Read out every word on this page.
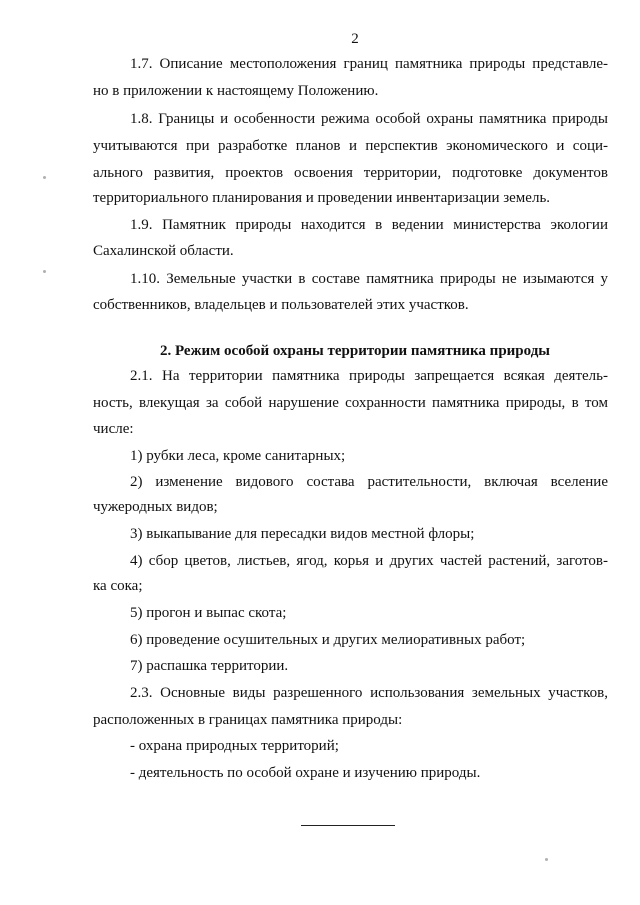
2
1.7. Описание местоположения границ памятника природы представле-
но в приложении к настоящему Положению.
1.8. Границы и особенности режима особой охраны памятника природы
учитываются при разработке планов и перспектив экономического и соци-
ального развития, проектов освоения территории, подготовке документов
территориального планирования и проведении инвентаризации земель.
1.9. Памятник природы находится в ведении министерства экологии
Сахалинской области.
1.10. Земельные участки в составе памятника природы не изымаются у
собственников, владельцев и пользователей этих участков.
2. Режим особой охраны территории памятника природы
2.1. На территории памятника природы запрещается всякая деятель-
ность, влекущая за собой нарушение сохранности памятника природы, в том
числе:
1) рубки леса, кроме санитарных;
2) изменение видового состава растительности, включая вселение
чужеродных видов;
3) выкапывание для пересадки видов местной флоры;
4) сбор цветов, листьев, ягод, корья и других частей растений, заготов-
ка сока;
5) прогон и выпас скота;
6) проведение осушительных и других мелиоративных работ;
7) распашка территории.
2.3. Основные виды разрешенного использования земельных участков,
расположенных в границах памятника природы:
- охрана природных территорий;
- деятельность по особой охране и изучению природы.
